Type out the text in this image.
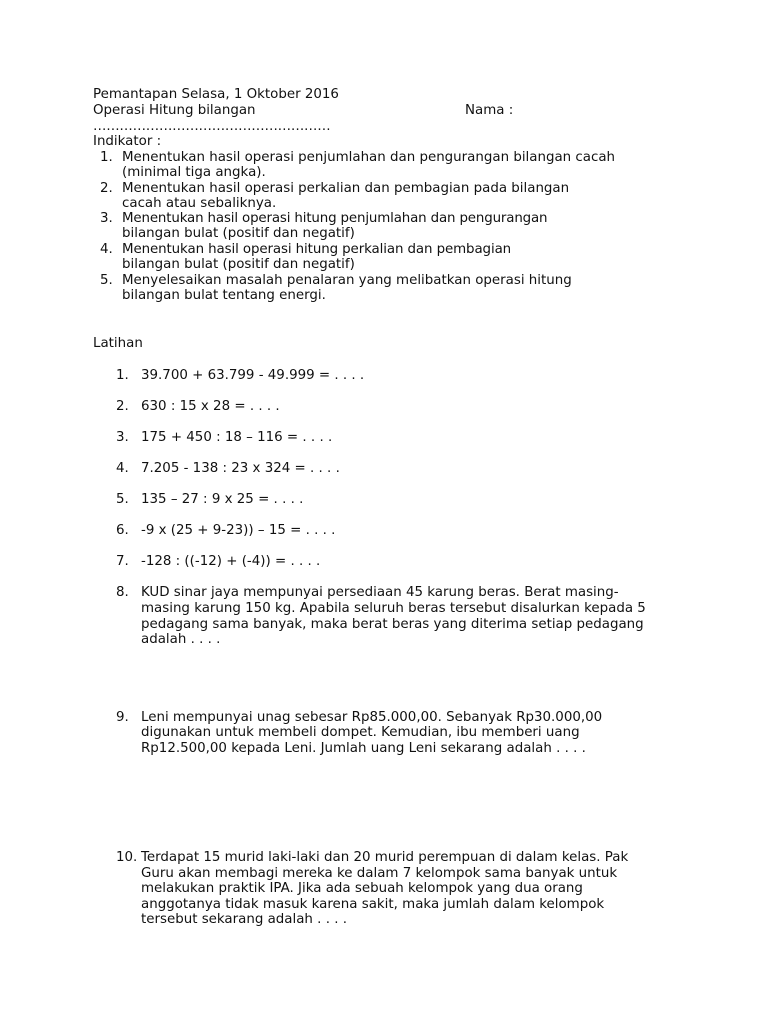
Pemantapan Selasa, 1 Oktober 2016
Operasi Hitung bilangan	Nama :
………………………………………………
Indikator :
1. Menentukan hasil operasi penjumlahan dan pengurangan bilangan cacah
(minimal tiga angka).
2. Menentukan hasil operasi perkalian dan pembagian pada bilangan
cacah atau sebaliknya.
3. Menentukan hasil operasi hitung penjumlahan dan pengurangan
bilangan bulat (positif dan negatif)
4. Menentukan hasil operasi hitung perkalian dan pembagian
bilangan bulat (positif dan negatif)
5. Menyelesaikan masalah penalaran yang melibatkan operasi hitung
bilangan bulat tentang energi.
Latihan
1. 39.700 + 63.799 - 49.999 = . . . .
2. 630 : 15 x 28 = . . . .
3. 175 + 450 : 18 – 116 = . . . .
4. 7.205 - 138 : 23 x 324 = . . . .
5. 135 – 27 : 9 x 25 = . . . .
6. -9 x (25 + 9-23)) – 15 = . . . .
7. -128 : ((-12) + (-4)) = . . . .
8. KUD sinar jaya mempunyai persediaan 45 karung beras. Berat masing-
masing karung 150 kg. Apabila seluruh beras tersebut disalurkan kepada 5
pedagang sama banyak, maka berat beras yang diterima setiap pedagang
adalah . . . .
9. Leni mempunyai unag sebesar Rp85.000,00. Sebanyak Rp30.000,00
digunakan untuk membeli dompet. Kemudian, ibu memberi uang
Rp12.500,00 kepada Leni. Jumlah uang Leni sekarang adalah . . . .
10. Terdapat 15 murid laki-laki dan 20 murid perempuan di dalam kelas. Pak
Guru akan membagi mereka ke dalam 7 kelompok sama banyak untuk
melakukan praktik IPA. Jika ada sebuah kelompok yang dua orang
anggotanya tidak masuk karena sakit, maka jumlah dalam kelompok
tersebut sekarang adalah . . . .
